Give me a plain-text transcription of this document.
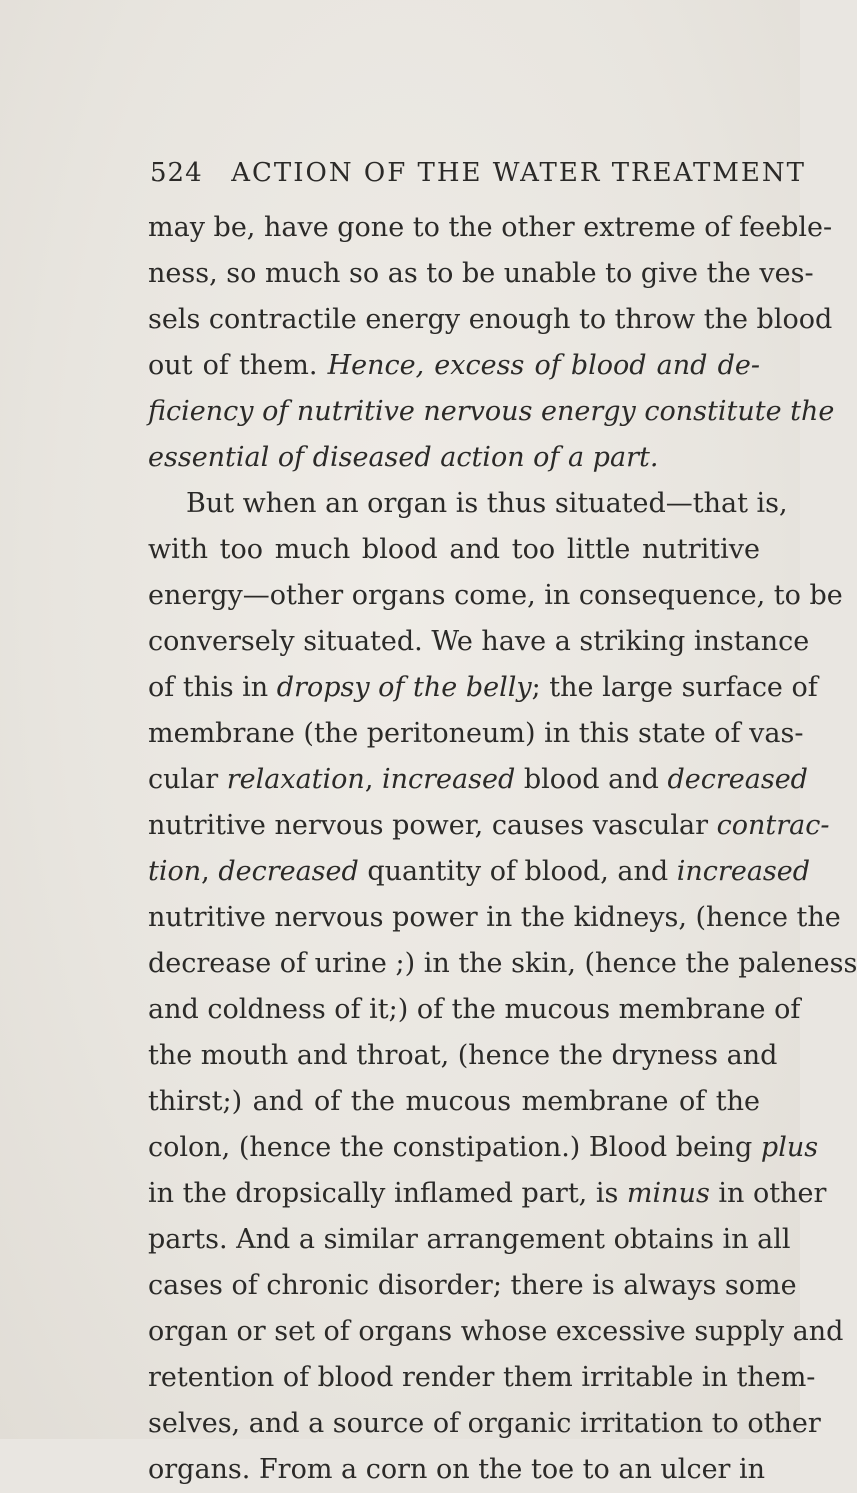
524 ACTION OF THE WATER TREATMENT
may be, have gone to the other extreme of feeble-
ness, so much so as to be unable to give the ves-
sels contractile energy enough to throw the blood
out of them. Hence, excess of blood and de-
ficiency of nutritive nervous energy constitute the
essential of diseased action of a part.
But when an organ is thus situated—that is,
with too much blood and too little nutritive
energy—other organs come, in consequence, to be
conversely situated. We have a striking instance
of this in dropsy of the belly; the large surface of
membrane (the peritoneum) in this state of vas-
cular relaxation, increased blood and decreased
nutritive nervous power, causes vascular contrac-
tion, decreased quantity of blood, and increased
nutritive nervous power in the kidneys, (hence the
decrease of urine ;) in the skin, (hence the paleness
and coldness of it;) of the mucous membrane of
the mouth and throat, (hence the dryness and
thirst;) and of the mucous membrane of the
colon, (hence the constipation.) Blood being plus
in the dropsically inflamed part, is minus in other
parts. And a similar arrangement obtains in all
cases of chronic disorder; there is always some
organ or set of organs whose excessive supply and
retention of blood render them irritable in them-
selves, and a source of organic irritation to other
organs. From a corn on the toe to an ulcer in
